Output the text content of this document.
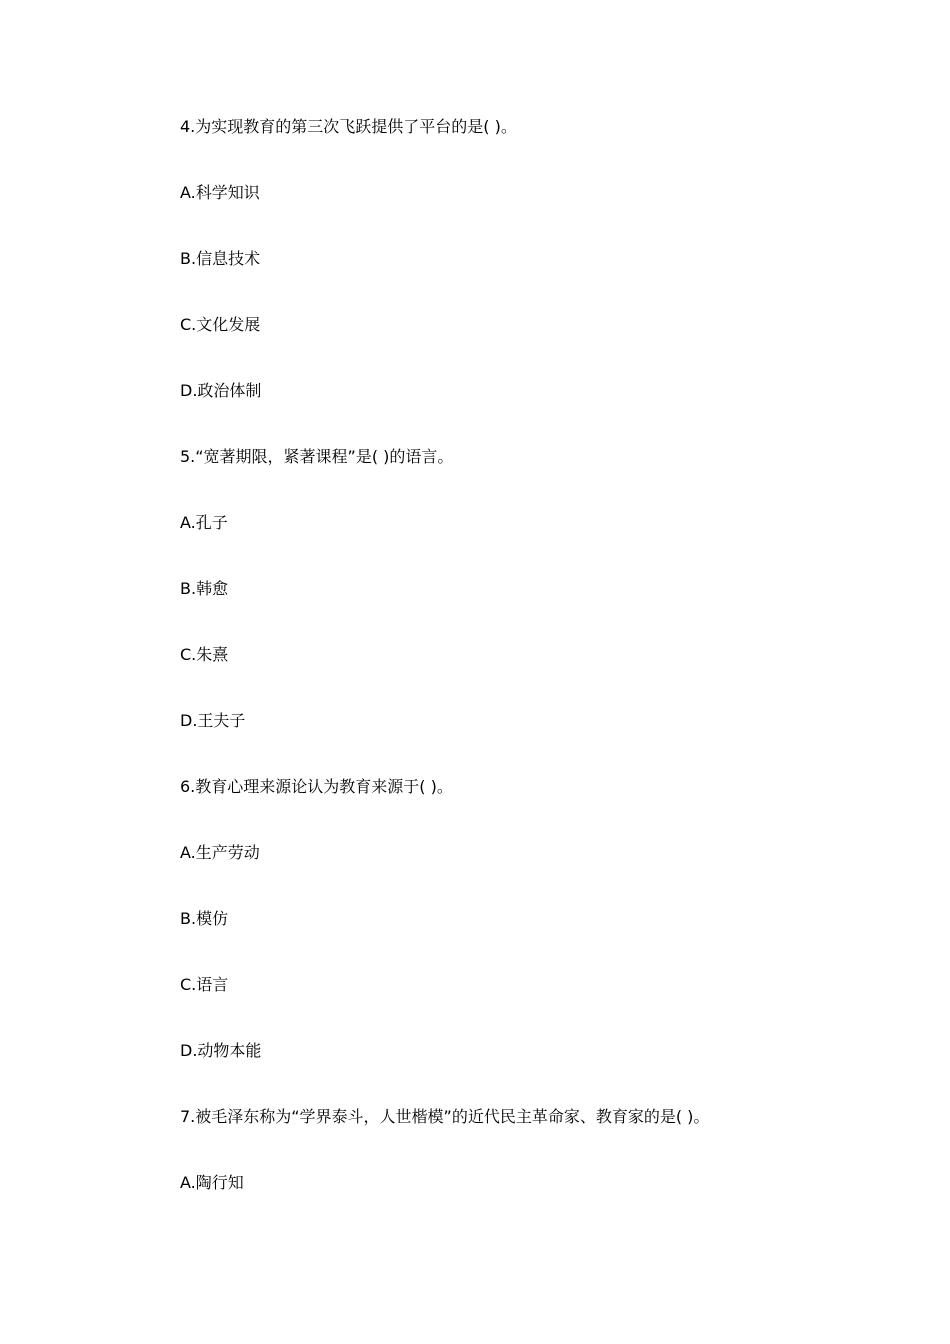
4.为实现教育的第三次飞跃提供了平台的是( )。
A.科学知识
B.信息技术
C.文化发展
D.政治体制
5.“宽著期限，紧著课程”是( )的语言。
A.孔子
B.韩愈
C.朱熹
D.王夫子
6.教育心理来源论认为教育来源于( )。
A.生产劳动
B.模仿
C.语言
D.动物本能
7.被毛泽东称为“学界泰斗，人世楷模”的近代民主革命家、教育家的是( )。
A.陶行知
